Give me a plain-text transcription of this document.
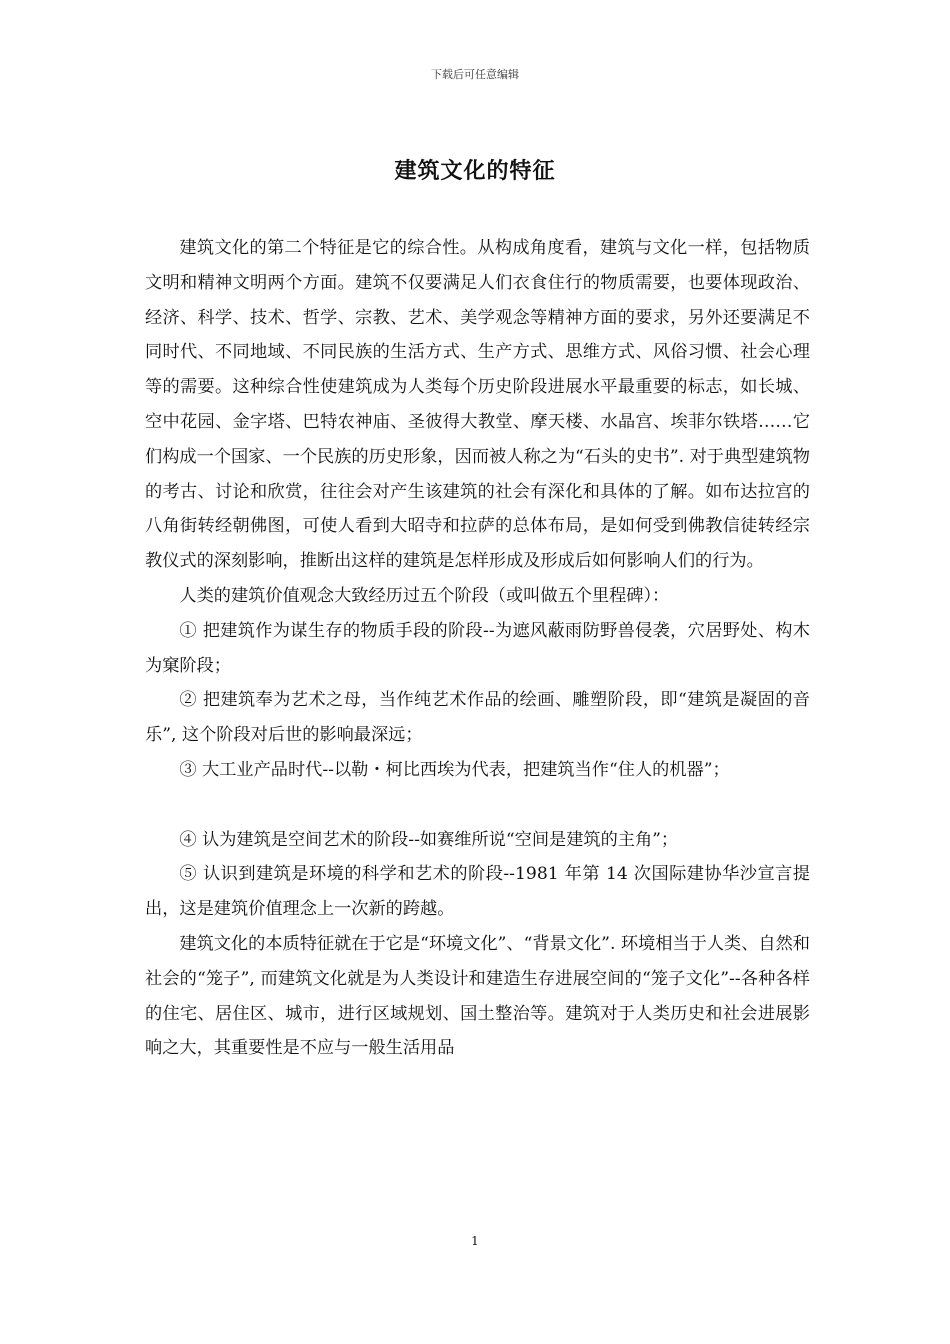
下载后可任意编辑
建筑文化的特征

建筑文化的第二个特征是它的综合性。从构成角度看，建筑与文化一样，包括物质文明和精神文明两个方面。建筑不仅要满足人们衣食住行的物质需要，也要体现政治、经济、科学、技术、哲学、宗教、艺术、美学观念等精神方面的要求，另外还要满足不同时代、不同地域、不同民族的生活方式、生产方式、思维方式、风俗习惯、社会心理等的需要。这种综合性使建筑成为人类每个历史阶段进展水平最重要的标志，如长城、空中花园、金字塔、巴特农神庙、圣彼得大教堂、摩天楼、水晶宫、埃菲尔铁塔……它们构成一个国家、一个民族的历史形象，因而被人称之为“石头的史书”. 对于典型建筑物的考古、讨论和欣赏，往往会对产生该建筑的社会有深化和具体的了解。如布达拉宫的八角街转经朝佛图，可使人看到大昭寺和拉萨的总体布局，是如何受到佛教信徒转经宗教仪式的深刻影响，推断出这样的建筑是怎样形成及形成后如何影响人们的行为。

人类的建筑价值观念大致经历过五个阶段（或叫做五个里程碑）：

① 把建筑作为谋生存的物质手段的阶段--为遮风蔽雨防野兽侵袭，穴居野处、构木为窠阶段；

② 把建筑奉为艺术之母，当作纯艺术作品的绘画、雕塑阶段，即“建筑是凝固的音乐”, 这个阶段对后世的影响最深远；

③ 大工业产品时代--以勒・柯比西埃为代表，把建筑当作“住人的机器”；

④ 认为建筑是空间艺术的阶段--如赛维所说“空间是建筑的主角”；

⑤ 认识到建筑是环境的科学和艺术的阶段--1981 年第 14 次国际建协华沙宣言提出，这是建筑价值理念上一次新的跨越。

建筑文化的本质特征就在于它是“环境文化”、“背景文化”. 环境相当于人类、自然和社会的“笼子”, 而建筑文化就是为人类设计和建造生存进展空间的“笼子文化”--各种各样的住宅、居住区、城市，进行区域规划、国土整治等。建筑对于人类历史和社会进展影响之大，其重要性是不应与一般生活用品

1
